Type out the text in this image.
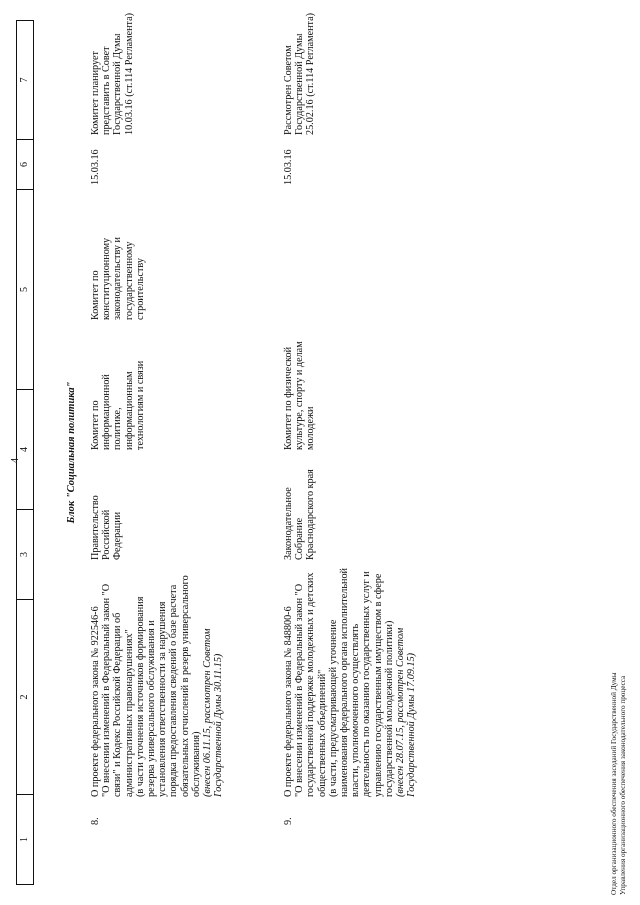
4
1
2
3
4
5
6
7
Блок "Социальная политика"
8.
О проекте федерального закона № 922546-6
"О внесении изменений в Федеральный закон "О связи" и Кодекс Российской Федерации об административных правонарушениях"
(в части уточнения источников формирования резерва универсального обслуживания и установления ответственности за нарушения порядка предоставления сведений о базе расчета обязательных отчислений в резерв универсального обслуживания)
(внесен 06.11.15, рассмотрен Советом Государственной Думы 30.11.15)
Правительство Российской Федерации
Комитет по информационной политике, информационным технологиям и связи
Комитет по конституционному законодательству и государственному строительству
15.03.16
Комитет планирует представить в Совет Государственной Думы 10.03.16 (ст.114 Регламента)
9.
О проекте федерального закона № 848800-6
"О внесении изменений в Федеральный закон "О государственной поддержке молодежных и детских общественных объединений"
(в части, предусматривающей уточнение наименования федерального органа исполнительной власти, уполномоченного осуществлять деятельность по оказанию государственных услуг и управлению государственным имуществом в сфере государственной молодежной политики)
(внесен 28.07.15, рассмотрен Советом Государственной Думы 17.09.15)
Законодательное Собрание Краснодарского края
Комитет по физической культуре, спорту и делам молодежи
15.03.16
Рассмотрен Советом Государственной Думы 25.02.16 (ст.114 Регламента)
Отдел организационного обеспечения заседаний Государственной Думы Управления организационного обеспечения законодательного процесса
